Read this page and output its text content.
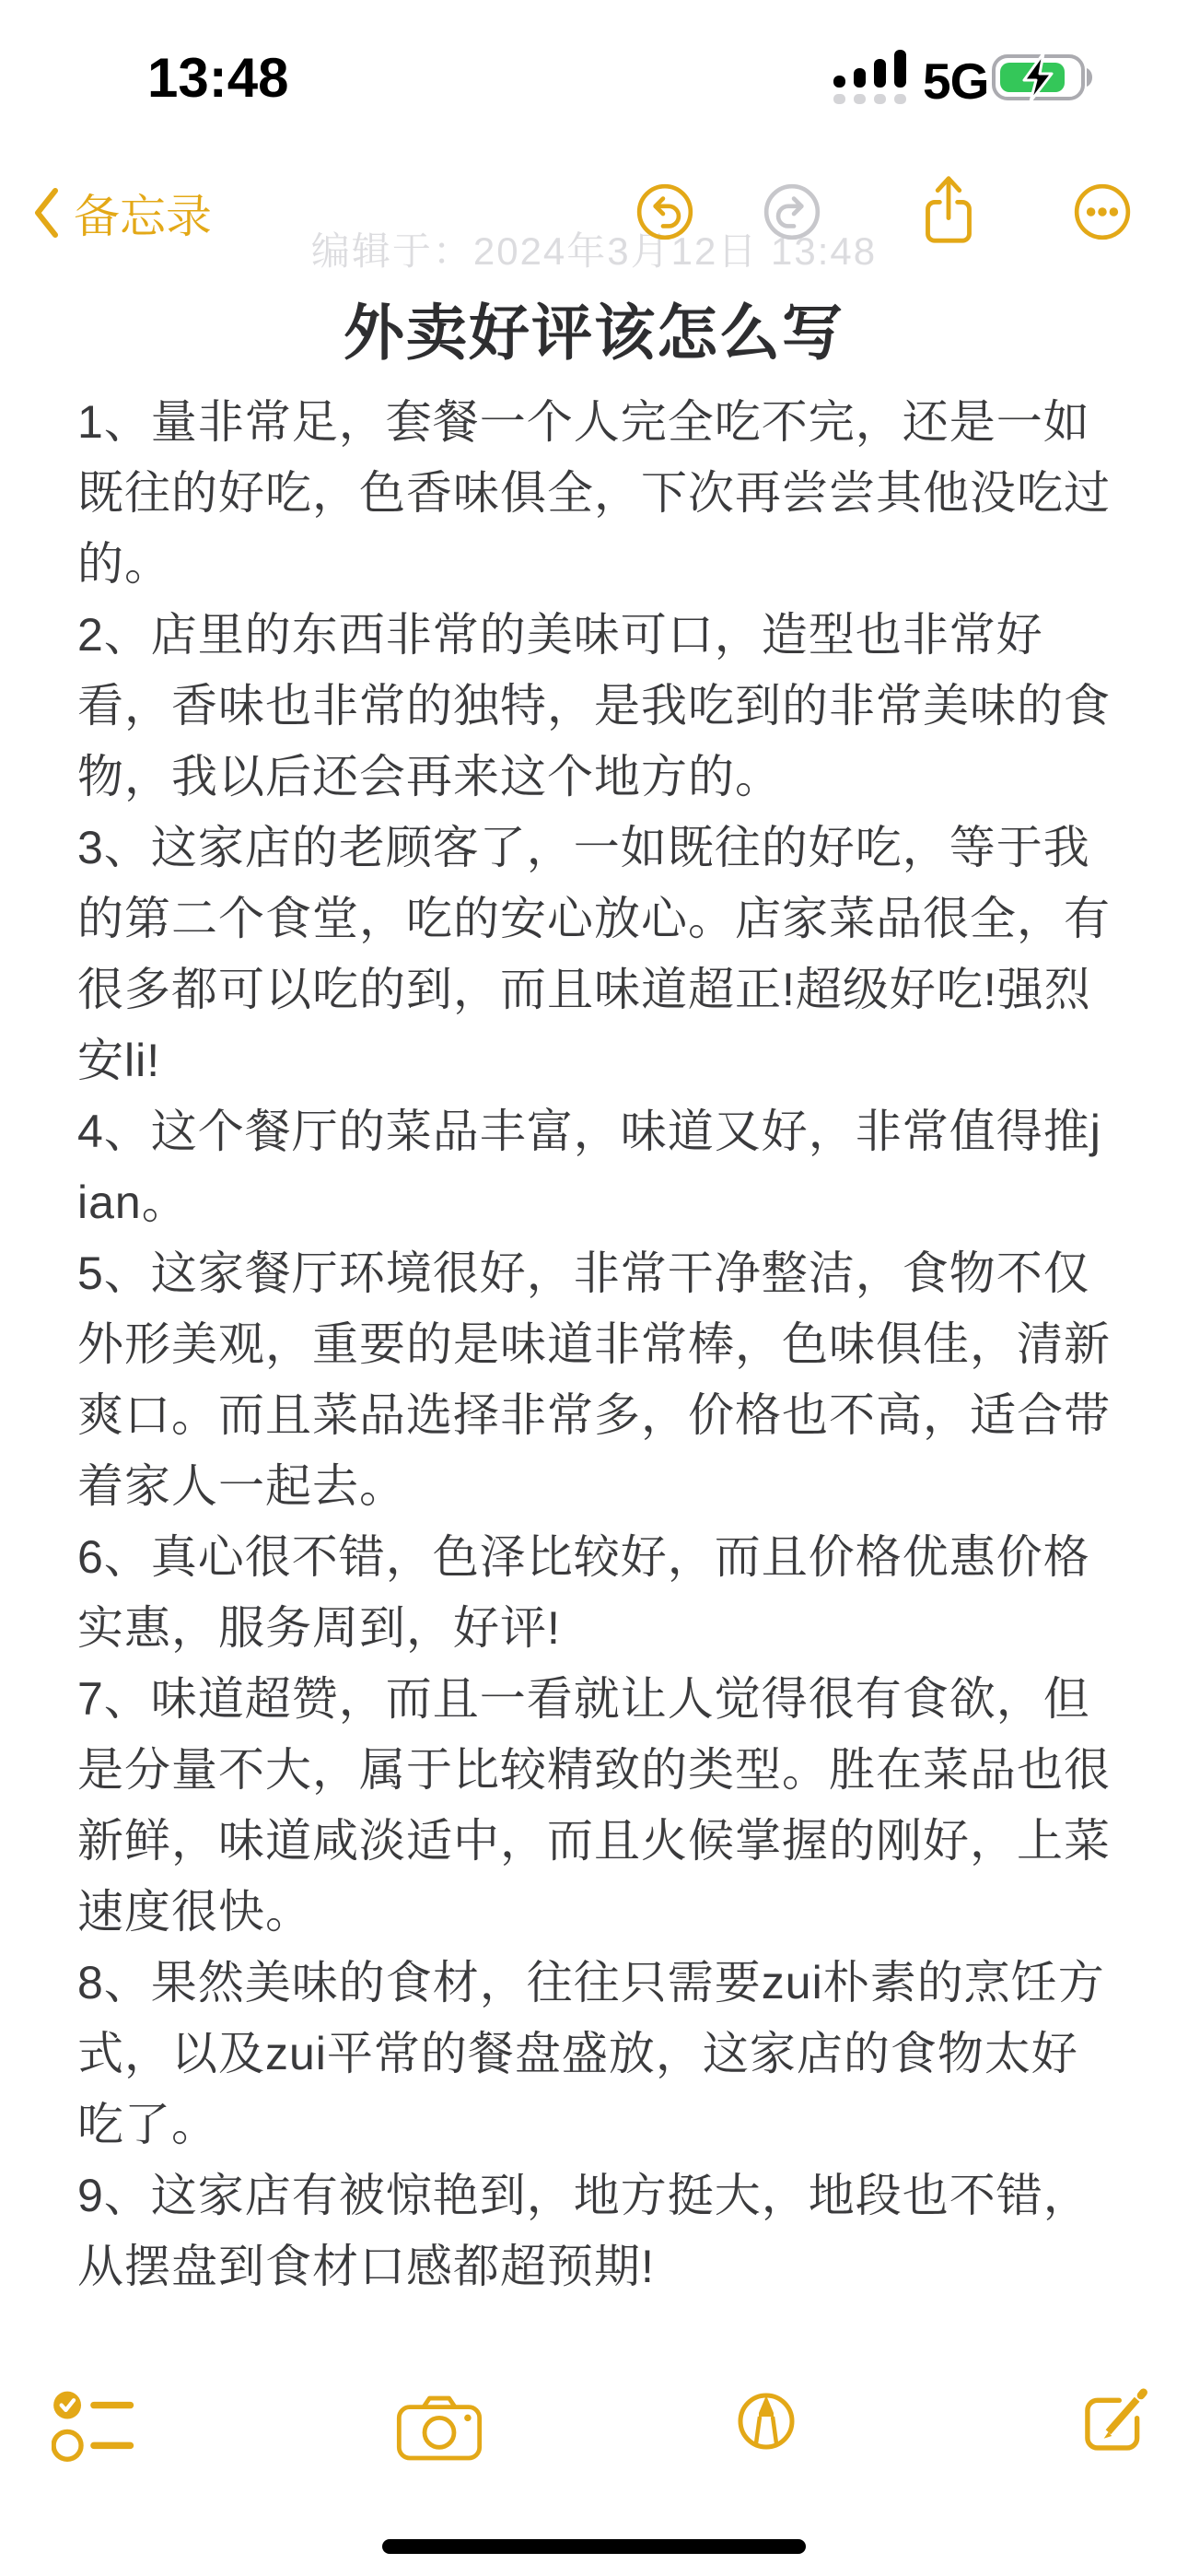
13:48	5G
编辑于：2024年3月12日 13:48
备忘录
外卖好评该怎么写

1、量非常足，套餐一个人完全吃不完，还是一如既往的好吃，色香味俱全，下次再尝尝其他没吃过的。

2、店里的东西非常的美味可口，造型也非常好看，香味也非常的独特，是我吃到的非常美味的食物，我以后还会再来这个地方的。

3、这家店的老顾客了，一如既往的好吃，等于我的第二个食堂，吃的安心放心。店家菜品很全，有很多都可以吃的到，而且味道超正!超级好吃!强烈安li!

4、这个餐厅的菜品丰富，味道又好，非常值得推jian。

5、这家餐厅环境很好，非常干净整洁，食物不仅外形美观，重要的是味道非常棒，色味俱佳，清新爽口。而且菜品选择非常多，价格也不高，适合带着家人一起去。

6、真心很不错，色泽比较好，而且价格优惠价格实惠，服务周到，好评!

7、味道超赞，而且一看就让人觉得很有食欲，但是分量不大，属于比较精致的类型。胜在菜品也很新鲜，味道咸淡适中，而且火候掌握的刚好，上菜速度很快。

8、果然美味的食材，往往只需要zui朴素的烹饪方式，以及zui平常的餐盘盛放，这家店的食物太好吃了。

9、这家店有被惊艳到，地方挺大，地段也不错，从摆盘到食材口感都超预期!
